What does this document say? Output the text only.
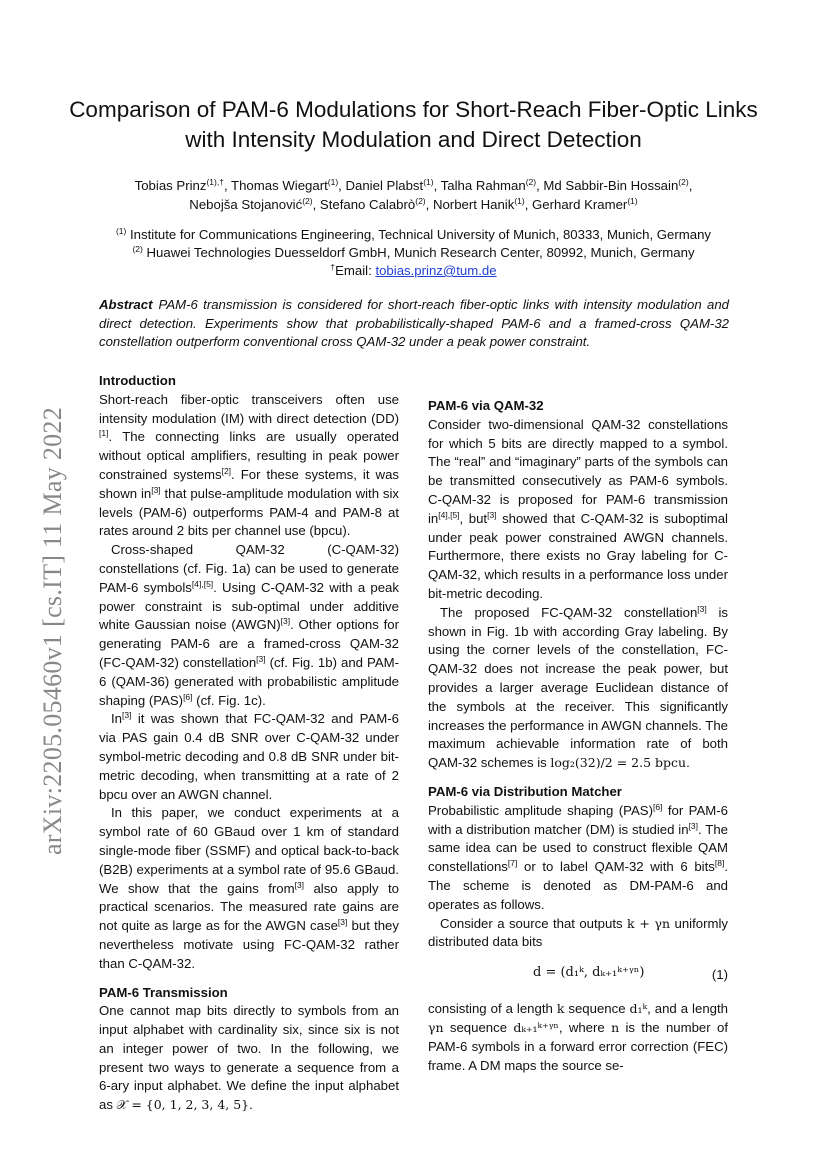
arXiv:2205.05460v1 [cs.IT] 11 May 2022
Comparison of PAM-6 Modulations for Short-Reach Fiber-Optic Links with Intensity Modulation and Direct Detection
Tobias Prinz$^{(1),\dagger}$, Thomas Wiegart$^{(1)}$, Daniel Plabst$^{(1)}$, Talha Rahman$^{(2)}$, Md Sabbir-Bin Hossain$^{(2)}$,
Nebojša Stojanović$^{(2)}$, Stefano Calabrò$^{(2)}$, Norbert Hanik$^{(1)}$, Gerhard Kramer$^{(1)}$
$^{(1)}$ Institute for Communications Engineering, Technical University of Munich, 80333, Munich, Germany
$^{(2)}$ Huawei Technologies Duesseldorf GmbH, Munich Research Center, 80992, Munich, Germany
†Email: tobias.prinz@tum.de
Abstract PAM-6 transmission is considered for short-reach fiber-optic links with intensity modulation and direct detection. Experiments show that probabilistically-shaped PAM-6 and a framed-cross QAM-32 constellation outperform conventional cross QAM-32 under a peak power constraint.
Introduction

Short-reach fiber-optic transceivers often use intensity modulation (IM) with direct detection (DD)[1]. The connecting links are usually operated without optical amplifiers, resulting in peak power constrained systems[2]. For these systems, it was shown in[3] that pulse-amplitude modulation with six levels (PAM-6) outperforms PAM-4 and PAM-8 at rates around 2 bits per channel use (bpcu).

Cross-shaped QAM-32 (C-QAM-32) constellations (cf. Fig. 1a) can be used to generate PAM-6 symbols[4],[5]. Using C-QAM-32 with a peak power constraint is sub-optimal under additive white Gaussian noise (AWGN)[3]. Other options for generating PAM-6 are a framed-cross QAM-32 (FC-QAM-32) constellation[3] (cf. Fig. 1b) and PAM-6 (QAM-36) generated with probabilistic amplitude shaping (PAS)[6] (cf. Fig. 1c).

In[3] it was shown that FC-QAM-32 and PAM-6 via PAS gain 0.4 dB SNR over C-QAM-32 under symbol-metric decoding and 0.8 dB SNR under bit-metric decoding, when transmitting at a rate of 2 bpcu over an AWGN channel.

In this paper, we conduct experiments at a symbol rate of 60 GBaud over 1 km of standard single-mode fiber (SSMF) and optical back-to-back (B2B) experiments at a symbol rate of 95.6 GBaud. We show that the gains from[3] also apply to practical scenarios. The measured rate gains are not quite as large as for the AWGN case[3] but they nevertheless motivate using FC-QAM-32 rather than C-QAM-32.

PAM-6 Transmission

One cannot map bits directly to symbols from an input alphabet with cardinality six, since six is not an integer power of two. In the following, we present two ways to generate a sequence from a 6-ary input alphabet. We define the input alphabet as 𝒳 = {0, 1, 2, 3, 4, 5}.

PAM-6 via QAM-32

Consider two-dimensional QAM-32 constellations for which 5 bits are directly mapped to a symbol. The “real” and “imaginary” parts of the symbols can be transmitted consecutively as PAM-6 symbols. C-QAM-32 is proposed for PAM-6 transmission in[4],[5], but[3] showed that C-QAM-32 is suboptimal under peak power constrained AWGN channels. Furthermore, there exists no Gray labeling for C-QAM-32, which results in a performance loss under bit-metric decoding.

The proposed FC-QAM-32 constellation[3] is shown in Fig. 1b with according Gray labeling. By using the corner levels of the constellation, FC-QAM-32 does not increase the peak power, but provides a larger average Euclidean distance of the symbols at the receiver. This significantly increases the performance in AWGN channels. The maximum achievable information rate of both QAM-32 schemes is log₂(32)/2 = 2.5 bpcu.

PAM-6 via Distribution Matcher

Probabilistic amplitude shaping (PAS)[6] for PAM-6 with a distribution matcher (DM) is studied in[3]. The same idea can be used to construct flexible QAM constellations[7] or to label QAM-32 with 6 bits[8]. The scheme is denoted as DM-PAM-6 and operates as follows.

Consider a source that outputs k + γn uniformly distributed data bits

d = (d₁ᵏ, dₖ₊₁ᵏ⁺ᵞⁿ)	(1)

consisting of a length k sequence d₁ᵏ, and a length γn sequence dₖ₊₁ᵏ⁺ᵞⁿ, where n is the number of PAM-6 symbols in a forward error correction (FEC) frame. A DM maps the source se-
